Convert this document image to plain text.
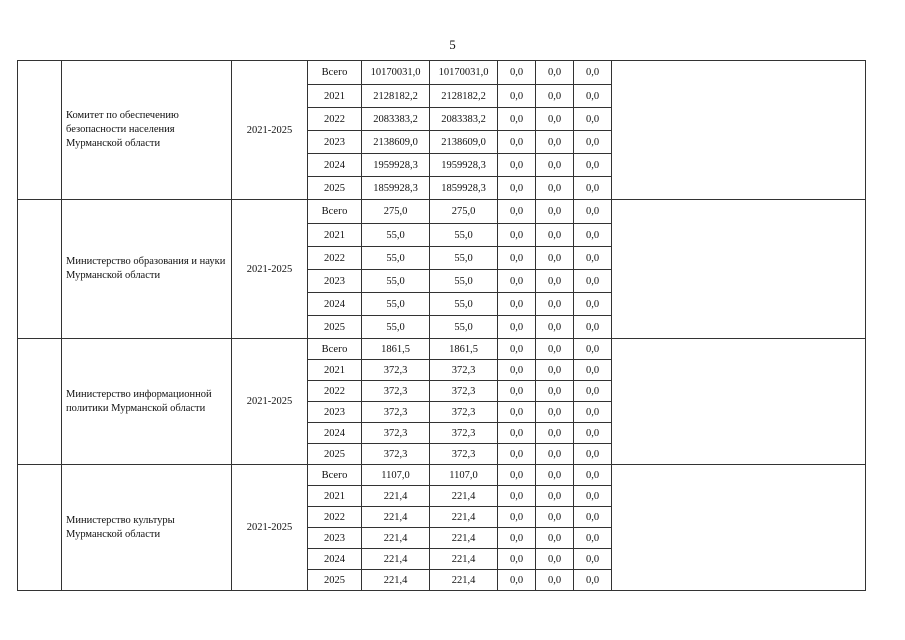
5
	Комитет по обеспечению безопасности населения Мурманской области	2021-2025	Всего	10170031,0	10170031,0	0,0	0,0	0,0	
			2021	2128182,2	2128182,2	0,0	0,0	0,0	
			2022	2083383,2	2083383,2	0,0	0,0	0,0	
			2023	2138609,0	2138609,0	0,0	0,0	0,0	
			2024	1959928,3	1959928,3	0,0	0,0	0,0	
			2025	1859928,3	1859928,3	0,0	0,0	0,0	
	Министерство образования и науки Мурманской области	2021-2025	Всего	275,0	275,0	0,0	0,0	0,0	
			2021	55,0	55,0	0,0	0,0	0,0	
			2022	55,0	55,0	0,0	0,0	0,0	
			2023	55,0	55,0	0,0	0,0	0,0	
			2024	55,0	55,0	0,0	0,0	0,0	
			2025	55,0	55,0	0,0	0,0	0,0	
	Министерство информационной политики Мурманской области	2021-2025	Всего	1861,5	1861,5	0,0	0,0	0,0	
			2021	372,3	372,3	0,0	0,0	0,0	
			2022	372,3	372,3	0,0	0,0	0,0	
			2023	372,3	372,3	0,0	0,0	0,0	
			2024	372,3	372,3	0,0	0,0	0,0	
			2025	372,3	372,3	0,0	0,0	0,0	
	Министерство культуры Мурманской области	2021-2025	Всего	1107,0	1107,0	0,0	0,0	0,0	
			2021	221,4	221,4	0,0	0,0	0,0	
			2022	221,4	221,4	0,0	0,0	0,0	
			2023	221,4	221,4	0,0	0,0	0,0	
			2024	221,4	221,4	0,0	0,0	0,0	
			2025	221,4	221,4	0,0	0,0	0,0	
